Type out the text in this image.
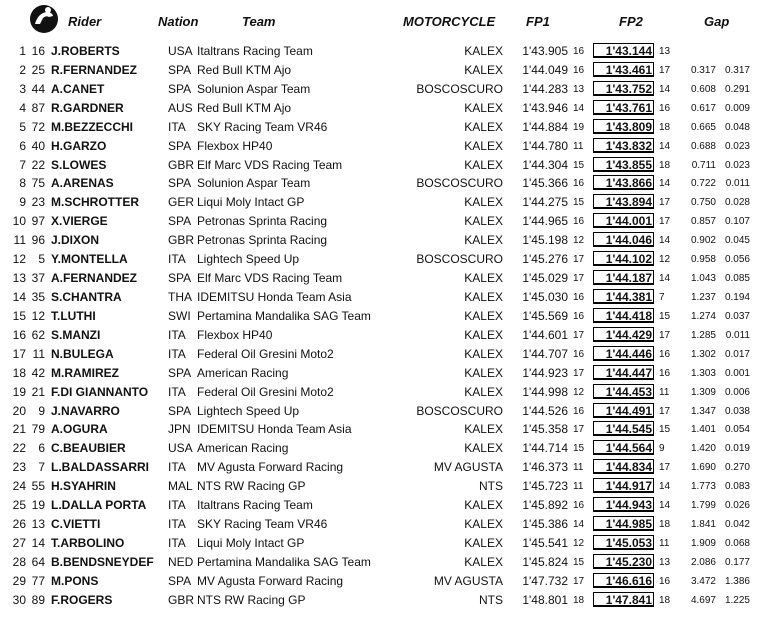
Rider	Nation	Team	MOTORCYCLE FP1	FP2	Gap
1 16 J.ROBERTS	USA Italtrans Racing Team	KALEX	1'43.905 16	1'43.144 13
2 25 R.FERNANDEZ	SPA Red Bull KTM Ajo	KALEX	1'44.049 16	1'43.461 17	0.317 0.317
3 44 A.CANET	SPA Solunion Aspar Team	BOSCOSCURO	1'44.283 13	1'43.752 14	0.608 0.291
4 87 R.GARDNER	AUS Red Bull KTM Ajo	KALEX	1'43.946 14	1'43.761 16	0.617 0.009
5 72 M.BEZZECCHI	ITA SKY Racing Team VR46	KALEX	1'44.884 19	1'43.809 18	0.665 0.048
6 40 H.GARZO	SPA Flexbox HP40	KALEX	1'44.780 11	1'43.832 14	0.688 0.023
7 22 S.LOWES	GBR Elf Marc VDS Racing Team	KALEX	1'44.304 15	1'43.855 18	0.711 0.023
8 75 A.ARENAS	SPA Solunion Aspar Team	BOSCOSCURO	1'45.366 16	1'43.866 14	0.722 0.011
9 23 M.SCHROTTER GER Liqui Moly Intact GP	KALEX	1'44.275 15	1'43.894 17	0.750 0.028
10 97 X.VIERGE	SPA Petronas Sprinta Racing	KALEX	1'44.965 16	1'44.001 17	0.857 0.107
11 96 J.DIXON	GBR Petronas Sprinta Racing	KALEX	1'45.198 12	1'44.046 14	0.902 0.045
12	5 Y.MONTELLA	ITA Lightech Speed Up	BOSCOSCURO	1'45.276 17	1'44.102 12	0.958 0.056
13 37 A.FERNANDEZ	SPA Elf Marc VDS Racing Team	KALEX	1'45.029 17	1'44.187 14	1.043 0.085
14 35 S.CHANTRA	THA IDEMITSU Honda Team Asia	KALEX	1'45.030 16	1'44.381 7	1.237 0.194
15 12 T.LUTHI	SWI Pertamina Mandalika SAG Team	KALEX	1'45.569 16	1'44.418 15	1.274 0.037
16 62 S.MANZI	ITA Flexbox HP40	KALEX	1'44.601 17	1'44.429 17	1.285 0.011
17 11 N.BULEGA	ITA Federal Oil Gresini Moto2	KALEX	1'44.707 16	1'44.446 16	1.302 0.017
18 42 M.RAMIREZ	SPA American Racing	KALEX	1'44.923 17	1'44.447 16	1.303 0.001
19 21 F.DI GIANNANTO ITA Federal Oil Gresini Moto2	KALEX	1'44.998 12	1'44.453 11	1.309 0.006
20	9 J.NAVARRO	SPA Lightech Speed Up	BOSCOSCURO	1'44.526 16	1'44.491 17	1.347 0.038
21 79 A.OGURA	JPN IDEMITSU Honda Team Asia	KALEX	1'45.358 17	1'44.545 15	1.401 0.054
22	6 C.BEAUBIER	USA American Racing	KALEX	1'44.714 15	1'44.564 9	1.420 0.019
23	7 L.BALDASSARRI ITA MV Agusta Forward Racing	MV AGUSTA	1'46.373 11	1'44.834 17	1.690 0.270
24 55 H.SYAHRIN	MAL NTS RW Racing GP	NTS	1'45.723 11	1'44.917 14	1.773 0.083
25 19 L.DALLA PORTA ITA Italtrans Racing Team	KALEX	1'45.892 16	1'44.943 14	1.799 0.026
26 13 C.VIETTI	ITA SKY Racing Team VR46	KALEX	1'45.386 14	1'44.985 18	1.841 0.042
27 14 T.ARBOLINO	ITA Liqui Moly Intact GP	KALEX	1'45.541 12	1'45.053 11	1.909 0.068
28 64 B.BENDSNEYDEF NED Pertamina Mandalika SAG Team	KALEX	1'45.824 15	1'45.230 13	2.086 0.177
29 77 M.PONS	SPA MV Agusta Forward Racing	MV AGUSTA	1'47.732 17	1'46.616 16	3.472 1.386
30 89 F.ROGERS	GBR NTS RW Racing GP	NTS	1'48.801 18	1'47.841 18	4.697 1.225
